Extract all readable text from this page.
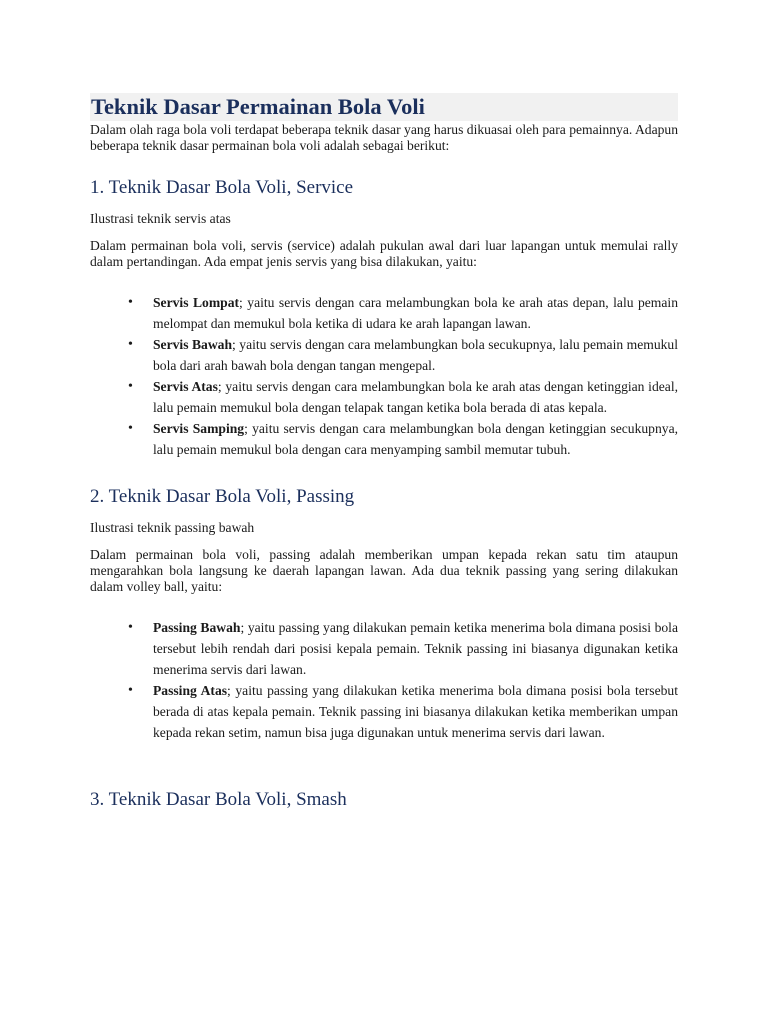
Teknik Dasar Permainan Bola Voli

Dalam olah raga bola voli terdapat beberapa teknik dasar yang harus dikuasai oleh para pemainnya. Adapun beberapa teknik dasar permainan bola voli adalah sebagai berikut:

1. Teknik Dasar Bola Voli, Service

Ilustrasi teknik servis atas

Dalam permainan bola voli, servis (service) adalah pukulan awal dari luar lapangan untuk memulai rally dalam pertandingan. Ada empat jenis servis yang bisa dilakukan, yaitu:

• Servis Lompat; yaitu servis dengan cara melambungkan bola ke arah atas depan, lalu pemain melompat dan memukul bola ketika di udara ke arah lapangan lawan.
• Servis Bawah; yaitu servis dengan cara melambungkan bola secukupnya, lalu pemain memukul bola dari arah bawah bola dengan tangan mengepal.
• Servis Atas; yaitu servis dengan cara melambungkan bola ke arah atas dengan ketinggian ideal, lalu pemain memukul bola dengan telapak tangan ketika bola berada di atas kepala.
• Servis Samping; yaitu servis dengan cara melambungkan bola dengan ketinggian secukupnya, lalu pemain memukul bola dengan cara menyamping sambil memutar tubuh.
2. Teknik Dasar Bola Voli, Passing

Ilustrasi teknik passing bawah

Dalam permainan bola voli, passing adalah memberikan umpan kepada rekan satu tim ataupun mengarahkan bola langsung ke daerah lapangan lawan. Ada dua teknik passing yang sering dilakukan dalam volley ball, yaitu:

• Passing Bawah; yaitu passing yang dilakukan pemain ketika menerima bola dimana posisi bola tersebut lebih rendah dari posisi kepala pemain. Teknik passing ini biasanya digunakan ketika menerima servis dari lawan.
• Passing Atas; yaitu passing yang dilakukan ketika menerima bola dimana posisi bola tersebut berada di atas kepala pemain. Teknik passing ini biasanya dilakukan ketika memberikan umpan kepada rekan setim, namun bisa juga digunakan untuk menerima servis dari lawan.
3. Teknik Dasar Bola Voli, Smash
